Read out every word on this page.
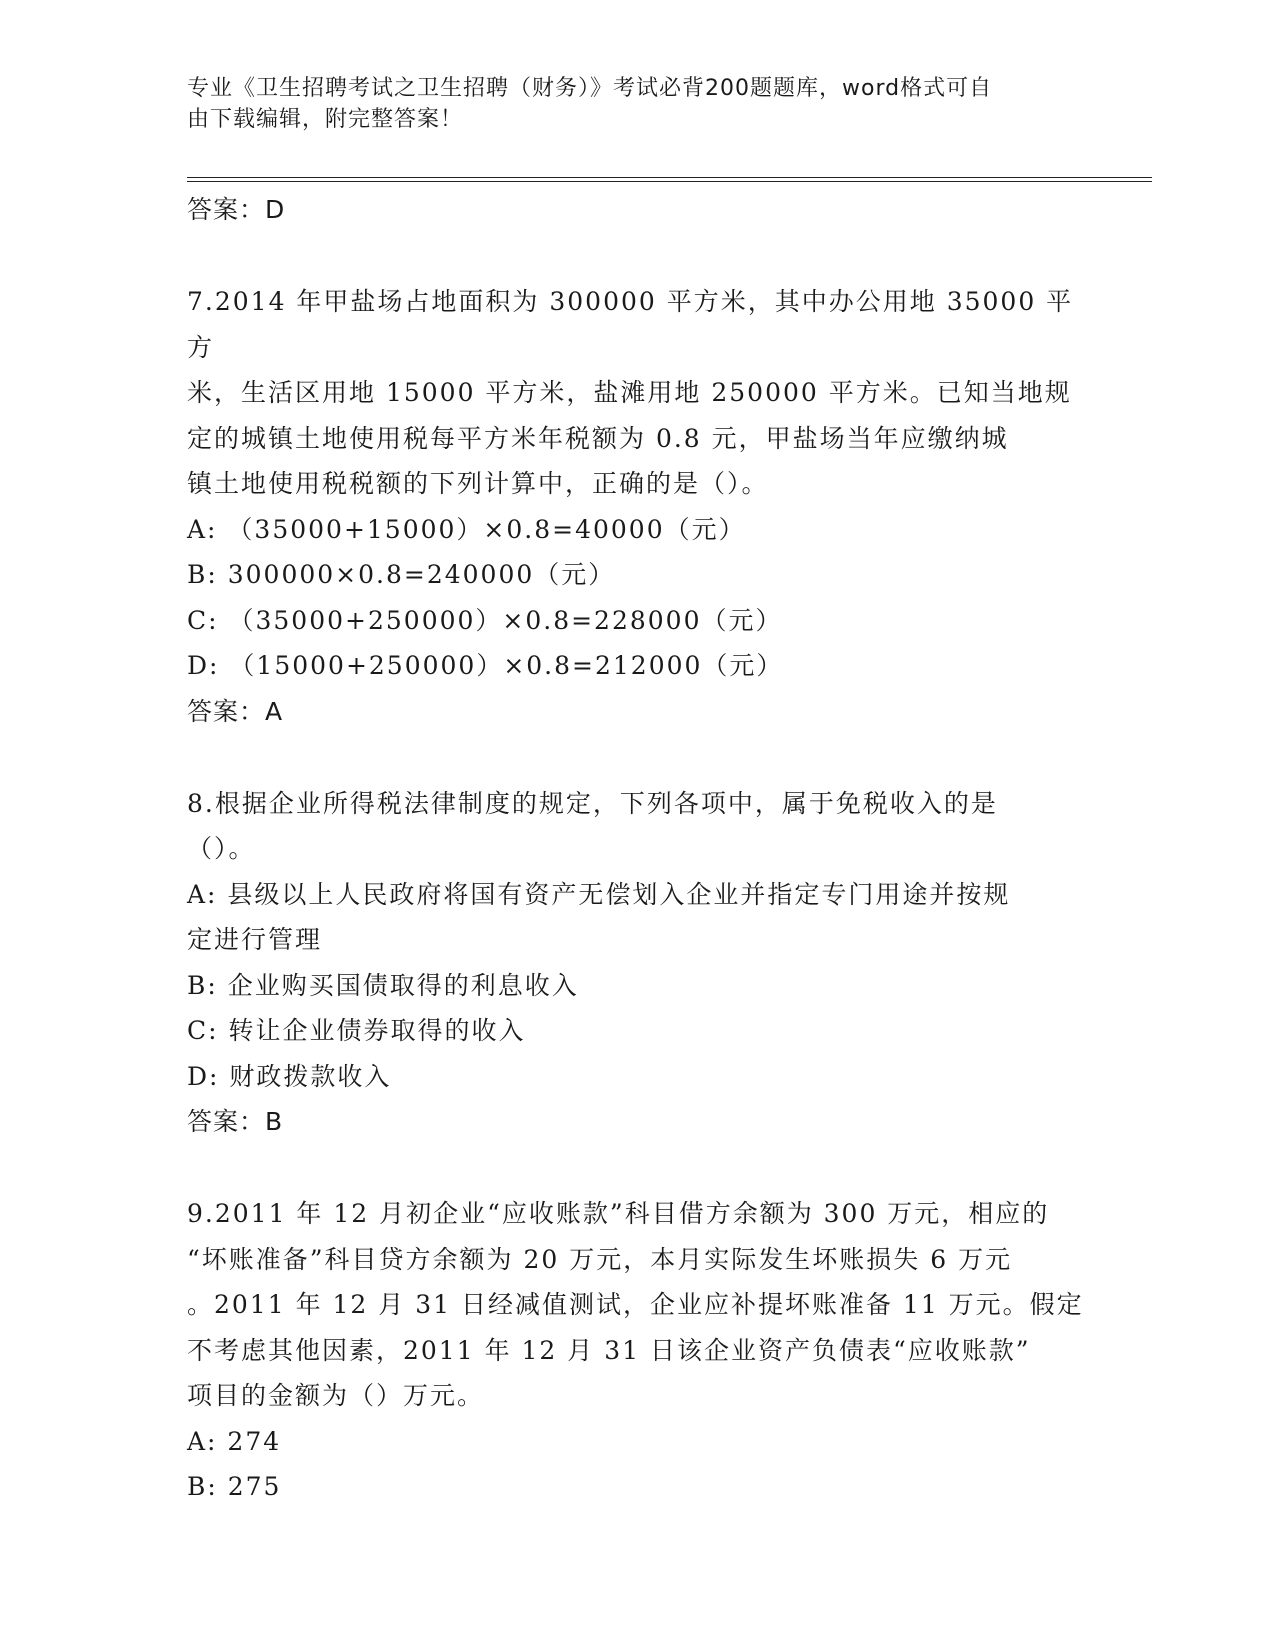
专业《卫生招聘考试之卫生招聘（财务）》考试必背200题题库，word格式可自
由下载编辑，附完整答案！

答案：D

7.2014 年甲盐场占地面积为 300000 平方米，其中办公用地 35000 平方

米，生活区用地 15000 平方米，盐滩用地 250000 平方米。已知当地规

定的城镇土地使用税每平方米年税额为 0.8 元，甲盐场当年应缴纳城

镇土地使用税税额的下列计算中，正确的是（）。

A: （35000+15000）×0.8=40000（元）

B: 300000×0.8=240000（元）

C: （35000+250000）×0.8=228000（元）

D: （15000+250000）×0.8=212000（元）

答案：A

8.根据企业所得税法律制度的规定，下列各项中，属于免税收入的是

（）。

A: 县级以上人民政府将国有资产无偿划入企业并指定专门用途并按规

定进行管理

B: 企业购买国债取得的利息收入

C: 转让企业债券取得的收入

D: 财政拨款收入

答案：B

9.2011 年 12 月初企业“应收账款”科目借方余额为 300 万元，相应的

“坏账准备”科目贷方余额为 20 万元，本月实际发生坏账损失 6 万元

。2011 年 12 月 31 日经减值测试，企业应补提坏账准备 11 万元。假定

不考虑其他因素，2011 年 12 月 31 日该企业资产负债表“应收账款”

项目的金额为（）万元。

A: 274

B: 275
